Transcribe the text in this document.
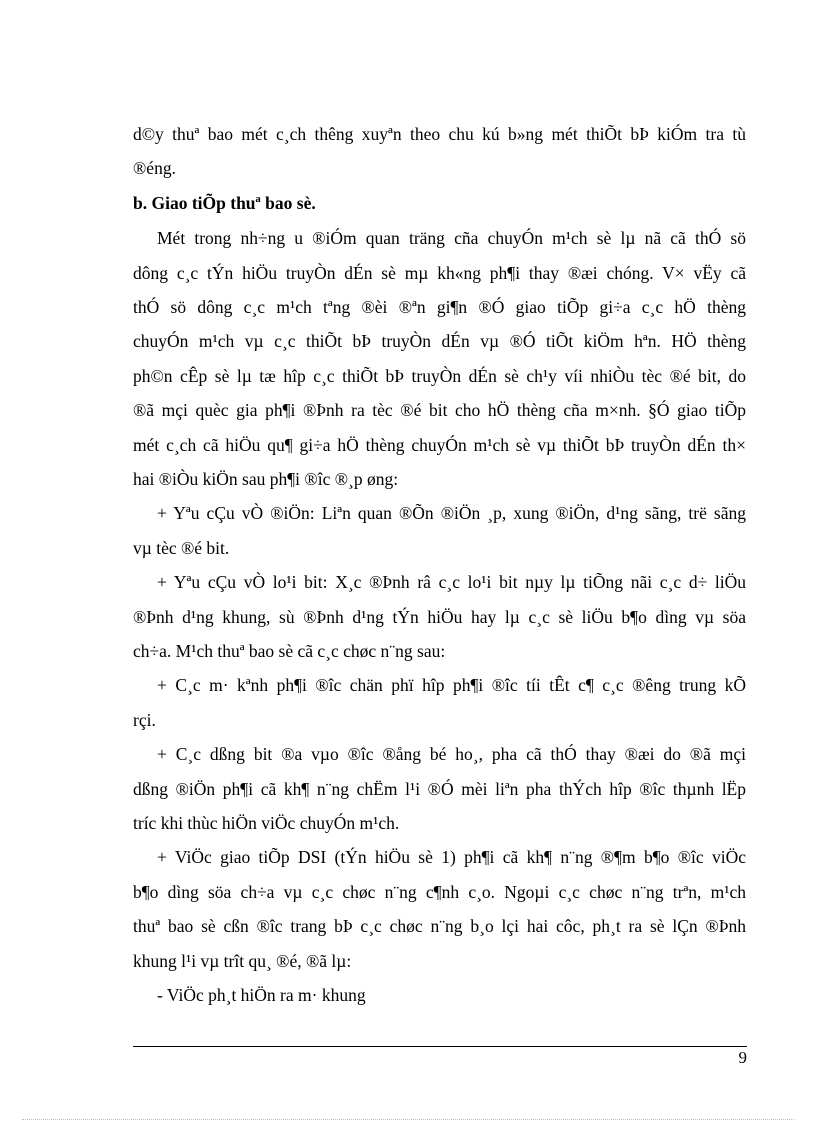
d©y thuª bao mét c¸ch thêng xuyªn theo chu kú b»ng mét thiÕt bÞ kiÓm tra tù
®éng.
b. Giao tiÕp thuª bao sè.
Mét trong nh÷ng u ®iÓm quan träng cña chuyÓn m¹ch sè lµ nã cã thÓ sö
dông c¸c tÝn hiÖu truyÒn dÉn sè mµ kh«ng ph¶i thay ®æi chóng. V× vËy cã
thÓ sö dông c¸c m¹ch tªng ®èi ®ªn gi¶n ®Ó giao tiÕp gi÷a c¸c hÖ thèng
chuyÓn m¹ch vµ c¸c thiÕt bÞ truyÒn dÉn vµ ®Ó tiÕt kiÖm hªn. HÖ thèng
ph©n cÊp sè lµ tæ hîp c¸c thiÕt bÞ truyÒn dÉn sè ch¹y víi nhiÒu tèc ®é bit, do
®ã mçi quèc gia ph¶i ®Þnh ra tèc ®é bit cho hÖ thèng cña m×nh. §Ó giao tiÕp
mét c¸ch cã hiÖu qu¶ gi÷a hÖ thèng chuyÓn m¹ch sè vµ thiÕt bÞ truyÒn dÉn th×
hai ®iÒu kiÖn sau ph¶i ®îc ®¸p øng:
+ Yªu cÇu vÒ ®iÖn: Liªn quan ®Õn ®iÖn ¸p, xung ®iÖn, d¹ng sãng, trë sãng
vµ tèc ®é bit.
+ Yªu cÇu vÒ lo¹i bit: X¸c ®Þnh râ c¸c lo¹i bit nµy lµ tiÕng nãi c¸c d÷ liÖu
®Þnh d¹ng khung, sù ®Þnh d¹ng tÝn hiÖu hay lµ c¸c sè liÖu b¶o dìng vµ söa
ch÷a. M¹ch thuª bao sè cã c¸c chøc n¨ng sau:
+ C¸c m· kªnh ph¶i ®îc chän phï hîp ph¶i ®îc tíi tÊt c¶ c¸c ®êng trung kÕ
rçi.
+ C¸c dßng bit ®a vµo ®îc ®ång bé ho¸, pha cã thÓ thay ®æi do ®ã mçi
dßng ®iÖn ph¶i cã kh¶ n¨ng chËm l¹i ®Ó mèi liªn pha thÝch hîp ®îc thµnh lËp
tríc khi thùc hiÖn viÖc chuyÓn m¹ch.
+ ViÖc giao tiÕp DSI (tÝn hiÖu sè 1) ph¶i cã kh¶ n¨ng ®¶m b¶o ®îc viÖc
b¶o dìng söa ch÷a vµ c¸c chøc n¨ng c¶nh c¸o. Ngoµi c¸c chøc n¨ng trªn, m¹ch
thuª bao sè cßn ®îc trang bÞ c¸c chøc n¨ng b¸o lçi hai côc, ph¸t ra sè lÇn ®Þnh
khung l¹i vµ trît qu¸ ®é, ®ã lµ:
- ViÖc ph¸t hiÖn ra m· khung
9
